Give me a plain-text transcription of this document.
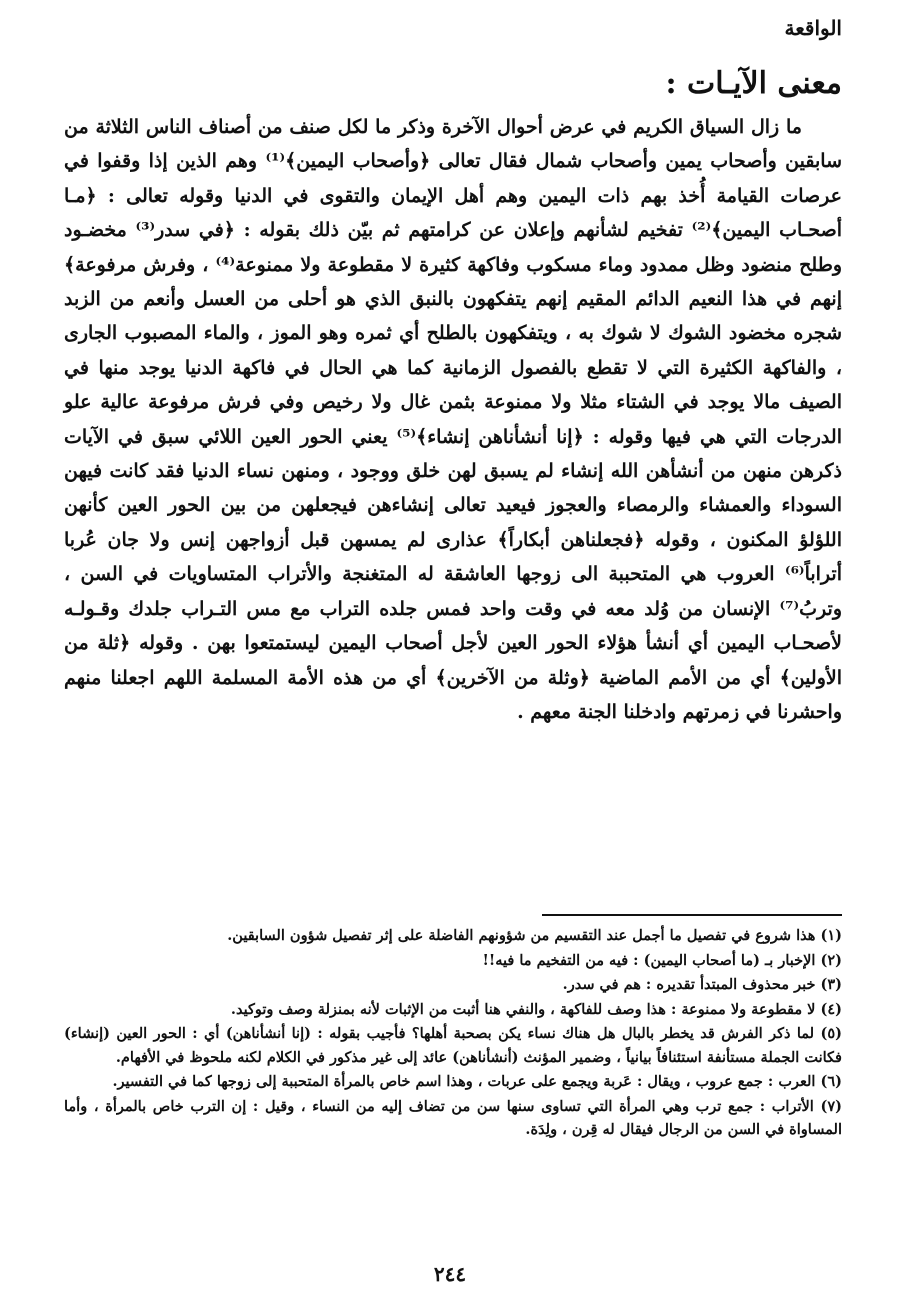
الواقعة
معنى الآيـات :

ما زال السياق الكريم في عرض أحوال الآخرة وذكر ما لكل صنف من أصناف الناس الثلاثة من سابقين وأصحاب يمين وأصحاب شمال فقال تعالى ﴿وأصحاب اليمين﴾⁽¹⁾ وهم الذين إذا وقفوا في عرصات القيامة أُخذ بهم ذات اليمين وهم أهل الإيمان والتقوى في الدنيا وقوله تعالى : ﴿مـا أصحـاب اليمين﴾⁽²⁾ تفخيم لشأنهم وإعلان عن كرامتهم ثم بيّن ذلك بقوله : ﴿في سدر⁽³⁾ مخضـود وطلح منضود وظل ممدود وماء مسكوب وفاكهة كثيرة لا مقطوعة ولا ممنوعة⁽⁴⁾ ، وفرش مرفوعة﴾ إنهم في هذا النعيم الدائم المقيم إنهم يتفكهون بالنبق الذي هو أحلى من العسل وأنعم من الزبد شجره مخضود الشوك لا شوك به ، ويتفكهون بالطلح أي ثمره وهو الموز ، والماء المصبوب الجارى ، والفاكهة الكثيرة التي لا تقطع بالفصول الزمانية كما هي الحال في فاكهة الدنيا يوجد منها في الصيف مالا يوجد في الشتاء مثلا ولا ممنوعة بثمن غال ولا رخيص وفي فرش مرفوعة عالية علو الدرجات التي هي فيها وقوله : ﴿إنا أنشأناهن إنشاء﴾⁽⁵⁾ يعني الحور العين اللائي سبق في الآيات ذكرهن منهن من أنشأهن الله إنشاء لم يسبق لهن خلق ووجود ، ومنهن نساء الدنيا فقد كانت فيهن السوداء والعمشاء والرمصاء والعجوز فيعيد تعالى إنشاءهن فيجعلهن من بين الحور العين كأنهن اللؤلؤ المكنون ، وقوله ﴿فجعلناهن أبكاراً﴾ عذارى لم يمسهن قبل أزواجهن إنس ولا جان عُربا أتراباً⁽⁶⁾ العروب هي المتحببة الى زوجها العاشقة له المتغنجة والأتراب المتساويات في السن ، وتربُ⁽⁷⁾ الإنسان من وُلد معه في وقت واحد فمس جلده التراب مع مس التـراب جلدك وقـولـه لأصحـاب اليمين أي أنشأ هؤلاء الحور العين لأجل أصحاب اليمين ليستمتعوا بهن . وقوله ﴿ثلة من الأولين﴾ أي من الأمم الماضية ﴿وثلة من الآخرين﴾ أي من هذه الأمة المسلمة اللهم اجعلنا منهم واحشرنا في زمرتهم وادخلنا الجنة معهم .

(١) هذا شروع في تفصيل ما أجمل عند التقسيم من شؤونهم الفاضلة على إثر تفصيل شؤون السابقين.
(٢) الإخبار بـ (ما أصحاب اليمين) : فيه من التفخيم ما فيه!!
(٣) خبر محذوف المبتدأ تقديره : هم في سدر.
(٤) لا مقطوعة ولا ممنوعة : هذا وصف للفاكهة ، والنفي هنا أثبت من الإثبات لأنه بمنزلة وصف وتوكيد.
(٥) لما ذكر الفرش قد يخطر بالبال هل هناك نساء يكن بصحبة أهلها؟ فأجيب بقوله : (إنا أنشأناهن) أي : الحور العين (إنشاء) فكانت الجملة مستأنفة استئنافاً بيانياً ، وضمير المؤنث (أنشأناهن) عائد إلى غير مذكور في الكلام لكنه ملحوظ في الأفهام.
(٦) العرب : جمع عروب ، ويقال : عَربة ويجمع على عربات ، وهذا اسم خاص بالمرأة المتحببة إلى زوجها كما في التفسير.
(٧) الأتراب : جمع ترب وهي المرأة التي تساوى سنها سن من تضاف إليه من النساء ، وقيل : إن الترب خاص بالمرأة ، وأما المساواة في السن من الرجال فيقال له قِرن ، ولِدَة.
٢٤٤
